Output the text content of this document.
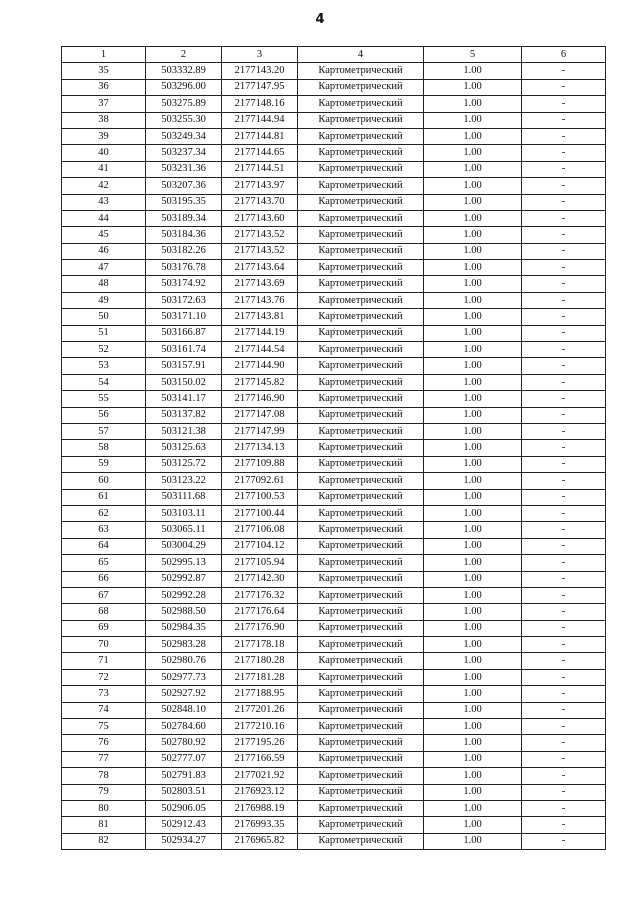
4
1	2	3	4	5	6
35	503332.89	2177143.20	Картометрический	1.00	-
36	503296.00	2177147.95	Картометрический	1.00	-
37	503275.89	2177148.16	Картометрический	1.00	-
38	503255.30	2177144.94	Картометрический	1.00	-
39	503249.34	2177144.81	Картометрический	1.00	-
40	503237.34	2177144.65	Картометрический	1.00	-
41	503231.36	2177144.51	Картометрический	1.00	-
42	503207.36	2177143.97	Картометрический	1.00	-
43	503195.35	2177143.70	Картометрический	1.00	-
44	503189.34	2177143.60	Картометрический	1.00	-
45	503184.36	2177143.52	Картометрический	1.00	-
46	503182.26	2177143.52	Картометрический	1.00	-
47	503176.78	2177143.64	Картометрический	1.00	-
48	503174.92	2177143.69	Картометрический	1.00	-
49	503172.63	2177143.76	Картометрический	1.00	-
50	503171.10	2177143.81	Картометрический	1.00	-
51	503166.87	2177144.19	Картометрический	1.00	-
52	503161.74	2177144.54	Картометрический	1.00	-
53	503157.91	2177144.90	Картометрический	1.00	-
54	503150.02	2177145.82	Картометрический	1.00	-
55	503141.17	2177146.90	Картометрический	1.00	-
56	503137.82	2177147.08	Картометрический	1.00	-
57	503121.38	2177147.99	Картометрический	1.00	-
58	503125.63	2177134.13	Картометрический	1.00	-
59	503125.72	2177109.88	Картометрический	1.00	-
60	503123.22	2177092.61	Картометрический	1.00	-
61	503111.68	2177100.53	Картометрический	1.00	-
62	503103.11	2177100.44	Картометрический	1.00	-
63	503065.11	2177106.08	Картометрический	1.00	-
64	503004.29	2177104.12	Картометрический	1.00	-
65	502995.13	2177105.94	Картометрический	1.00	-
66	502992.87	2177142.30	Картометрический	1.00	-
67	502992.28	2177176.32	Картометрический	1.00	-
68	502988.50	2177176.64	Картометрический	1.00	-
69	502984.35	2177176.90	Картометрический	1.00	-
70	502983.28	2177178.18	Картометрический	1.00	-
71	502980.76	2177180.28	Картометрический	1.00	-
72	502977.73	2177181.28	Картометрический	1.00	-
73	502927.92	2177188.95	Картометрический	1.00	-
74	502848.10	2177201.26	Картометрический	1.00	-
75	502784.60	2177210.16	Картометрический	1.00	-
76	502780.92	2177195.26	Картометрический	1.00	-
77	502777.07	2177166.59	Картометрический	1.00	-
78	502791.83	2177021.92	Картометрический	1.00	-
79	502803.51	2176923.12	Картометрический	1.00	-
80	502906.05	2176988.19	Картометрический	1.00	-
81	502912.43	2176993.35	Картометрический	1.00	-
82	502934.27	2176965.82	Картометрический	1.00	-
